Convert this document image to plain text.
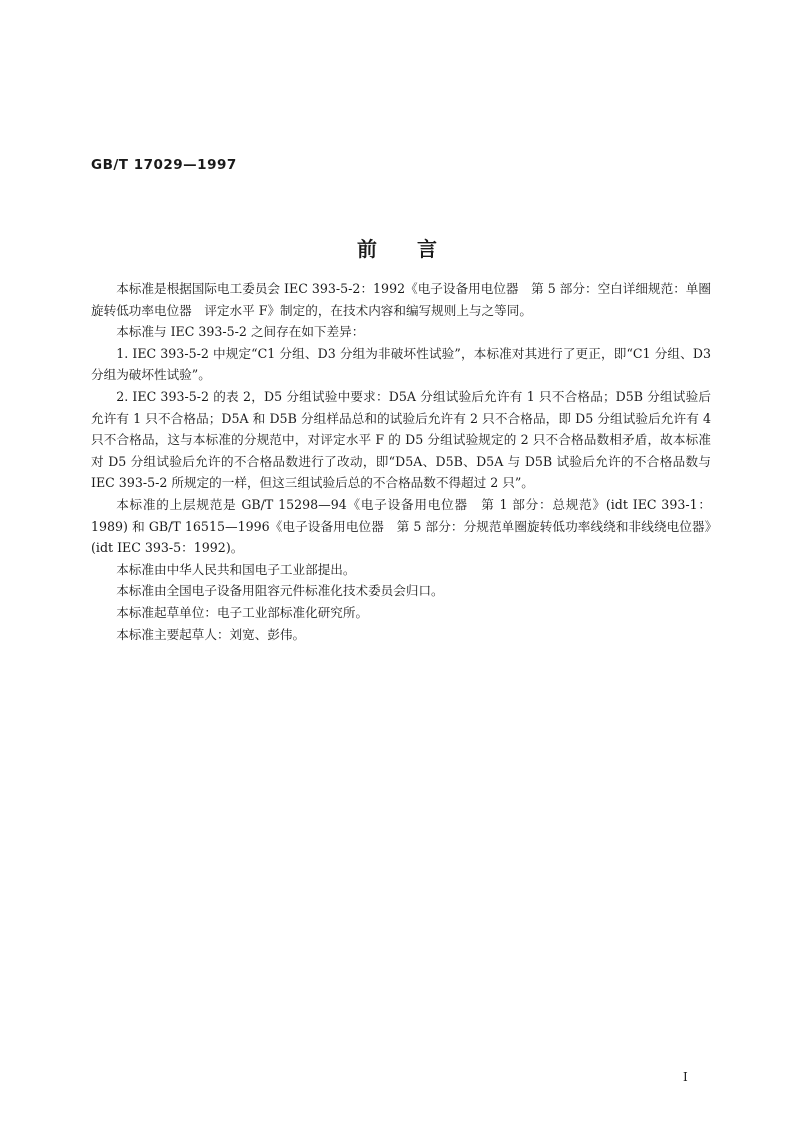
GB/T 17029—1997
前言

本标准是根据国际电工委员会 IEC 393-5-2：1992《电子设备用电位器　第 5 部分：空白详细规范：单圈旋转低功率电位器　评定水平 F》制定的，在技术内容和编写规则上与之等同。

本标准与 IEC 393-5-2 之间存在如下差异：

1. IEC 393-5-2 中规定“C1 分组、D3 分组为非破坏性试验”，本标准对其进行了更正，即“C1 分组、D3 分组为破坏性试验”。

2. IEC 393-5-2 的表 2，D5 分组试验中要求：D5A 分组试验后允许有 1 只不合格品；D5B 分组试验后允许有 1 只不合格品；D5A 和 D5B 分组样品总和的试验后允许有 2 只不合格品，即 D5 分组试验后允许有 4 只不合格品，这与本标准的分规范中，对评定水平 F 的 D5 分组试验规定的 2 只不合格品数相矛盾，故本标准对 D5 分组试验后允许的不合格品数进行了改动，即“D5A、D5B、D5A 与 D5B 试验后允许的不合格品数与 IEC 393-5-2 所规定的一样，但这三组试验后总的不合格品数不得超过 2 只”。

本标准的上层规范是 GB/T 15298—94《电子设备用电位器　第 1 部分：总规范》(idt IEC 393-1：1989) 和 GB/T 16515—1996《电子设备用电位器　第 5 部分：分规范单圈旋转低功率线绕和非线绕电位器》(idt IEC 393-5：1992)。

本标准由中华人民共和国电子工业部提出。

本标准由全国电子设备用阻容元件标准化技术委员会归口。

本标准起草单位：电子工业部标准化研究所。

本标准主要起草人：刘宽、彭伟。

I
